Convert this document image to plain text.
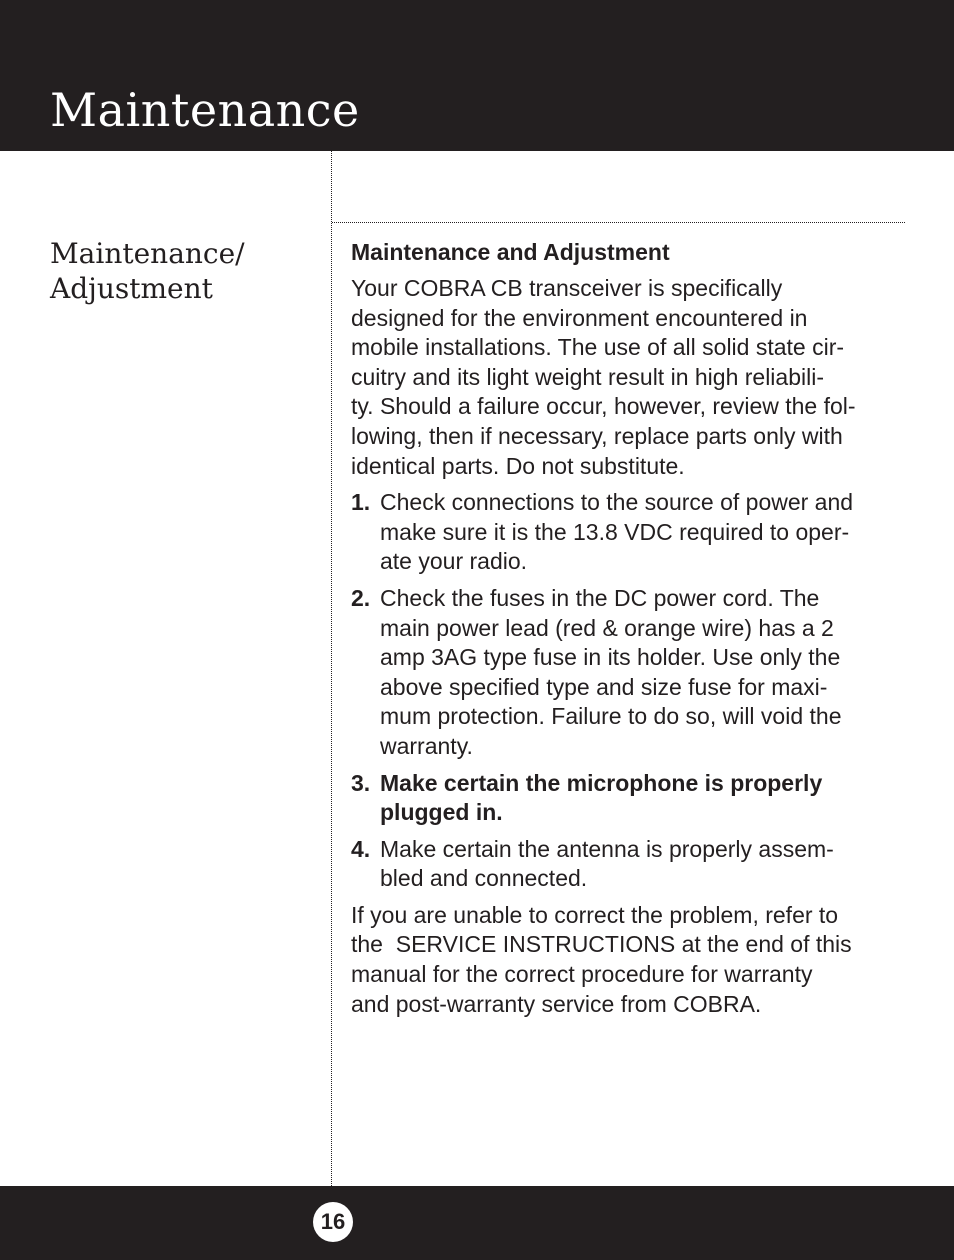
Maintenance
Maintenance/
Adjustment
Maintenance and Adjustment

Your COBRA CB transceiver is specifically
designed for the environment encountered in
mobile installations. The use of all solid state cir-
cuitry and its light weight result in high reliabili-
ty. Should a failure occur, however, review the fol-
lowing, then if necessary, replace parts only with
identical parts. Do not substitute.

1. Check connections to the source of power and
make sure it is the 13.8 VDC required to oper-
ate your radio.
2. Check the fuses in the DC power cord. The
main power lead (red & orange wire) has a 2
amp 3AG type fuse in its holder. Use only the
above specified type and size fuse for maxi-
mum protection. Failure to do so, will void the
warranty.
3. Make certain the microphone is properly
plugged in.
4. Make certain the antenna is properly assem-
bled and connected.

If you are unable to correct the problem, refer to
the  SERVICE INSTRUCTIONS at the end of this
manual for the correct procedure for warranty
and post-warranty service from COBRA.

16
